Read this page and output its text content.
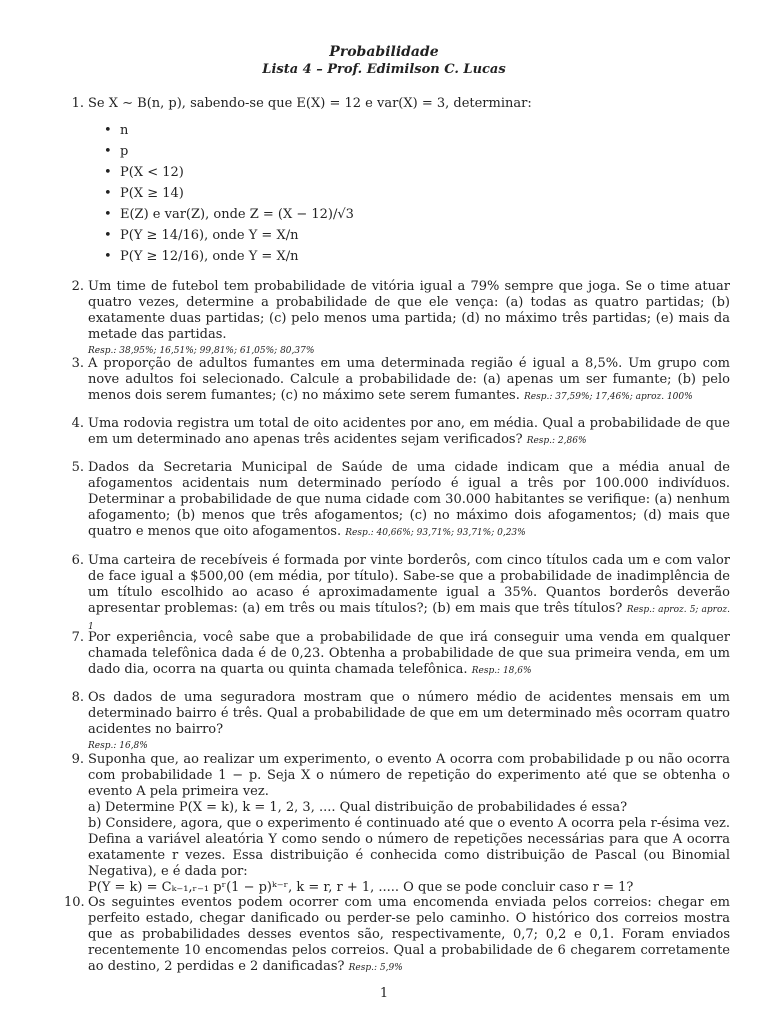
Probabilidade
Lista 4 – Prof. Edimilson C. Lucas
1. Se X ∼ B(n, p), sabendo-se que E(X) = 12 e var(X) = 3, determinar:
• n
• p
• P(X < 12)
• P(X ≥ 14)
• E(Z) e var(Z), onde Z = (X − 12)/√3
• P(Y ≥ 14/16), onde Y = X/n
• P(Y ≥ 12/16), onde Y = X/n
2. Um time de futebol tem probabilidade de vitória igual a 79% sempre que joga. Se o time atuar quatro vezes, determine a probabilidade de que ele vença: (a) todas as quatro partidas; (b) exatamente duas partidas; (c) pelo menos uma partida; (d) no máximo três partidas; (e) mais da metade das partidas.
Resp.: 38,95%; 16,51%; 99,81%; 61,05%; 80,37%
3. A proporção de adultos fumantes em uma determinada região é igual a 8,5%. Um grupo com nove adultos foi selecionado. Calcule a probabilidade de: (a) apenas um ser fumante; (b) pelo menos dois serem fumantes; (c) no máximo sete serem fumantes. Resp.: 37,59%; 17,46%; aproz. 100%
4. Uma rodovia registra um total de oito acidentes por ano, em média. Qual a probabilidade de que em um determinado ano apenas três acidentes sejam verificados? Resp.: 2,86%
5. Dados da Secretaria Municipal de Saúde de uma cidade indicam que a média anual de afogamentos acidentais num determinado período é igual a três por 100.000 indivíduos. Determinar a probabilidade de que numa cidade com 30.000 habitantes se verifique: (a) nenhum afogamento; (b) menos que três afogamentos; (c) no máximo dois afogamentos; (d) mais que quatro e menos que oito afogamentos. Resp.: 40,66%; 93,71%; 93,71%; 0,23%
6. Uma carteira de recebíveis é formada por vinte borderôs, com cinco títulos cada um e com valor de face igual a $500,00 (em média, por título). Sabe-se que a probabilidade de inadimplência de um título escolhido ao acaso é aproximadamente igual a 35%. Quantos borderôs deverão apresentar problemas: (a) em três ou mais títulos?; (b) em mais que três títulos? Resp.: aproz. 5; aproz. 1
7. Por experiência, você sabe que a probabilidade de que irá conseguir uma venda em qualquer chamada telefônica dada é de 0,23. Obtenha a probabilidade de que sua primeira venda, em um dado dia, ocorra na quarta ou quinta chamada telefônica. Resp.: 18,6%
8. Os dados de uma seguradora mostram que o número médio de acidentes mensais em um determinado bairro é três. Qual a probabilidade de que em um determinado mês ocorram quatro acidentes no bairro?
Resp.: 16,8%
9. Suponha que, ao realizar um experimento, o evento A ocorra com probabilidade p ou não ocorra com probabilidade 1 − p. Seja X o número de repetição do experimento até que se obtenha o evento A pela primeira vez.
a) Determine P(X = k), k = 1, 2, 3, .... Qual distribuição de probabilidades é essa?
b) Considere, agora, que o experimento é continuado até que o evento A ocorra pela r-ésima vez. Defina a variável aleatória Y como sendo o número de repetições necessárias para que A ocorra exatamente r vezes. Essa distribuição é conhecida como distribuição de Pascal (ou Binomial Negativa), e é dada por:
P(Y = k) = Cₖ₋₁,ᵣ₋₁ pʳ(1 − p)ᵏ⁻ʳ, k = r, r + 1, ..... O que se pode concluir caso r = 1?
10. Os seguintes eventos podem ocorrer com uma encomenda enviada pelos correios: chegar em perfeito estado, chegar danificado ou perder-se pelo caminho. O histórico dos correios mostra que as probabilidades desses eventos são, respectivamente, 0,7; 0,2 e 0,1. Foram enviados recentemente 10 encomendas pelos correios. Qual a probabilidade de 6 chegarem corretamente ao destino, 2 perdidas e 2 danificadas? Resp.: 5,9%
1
